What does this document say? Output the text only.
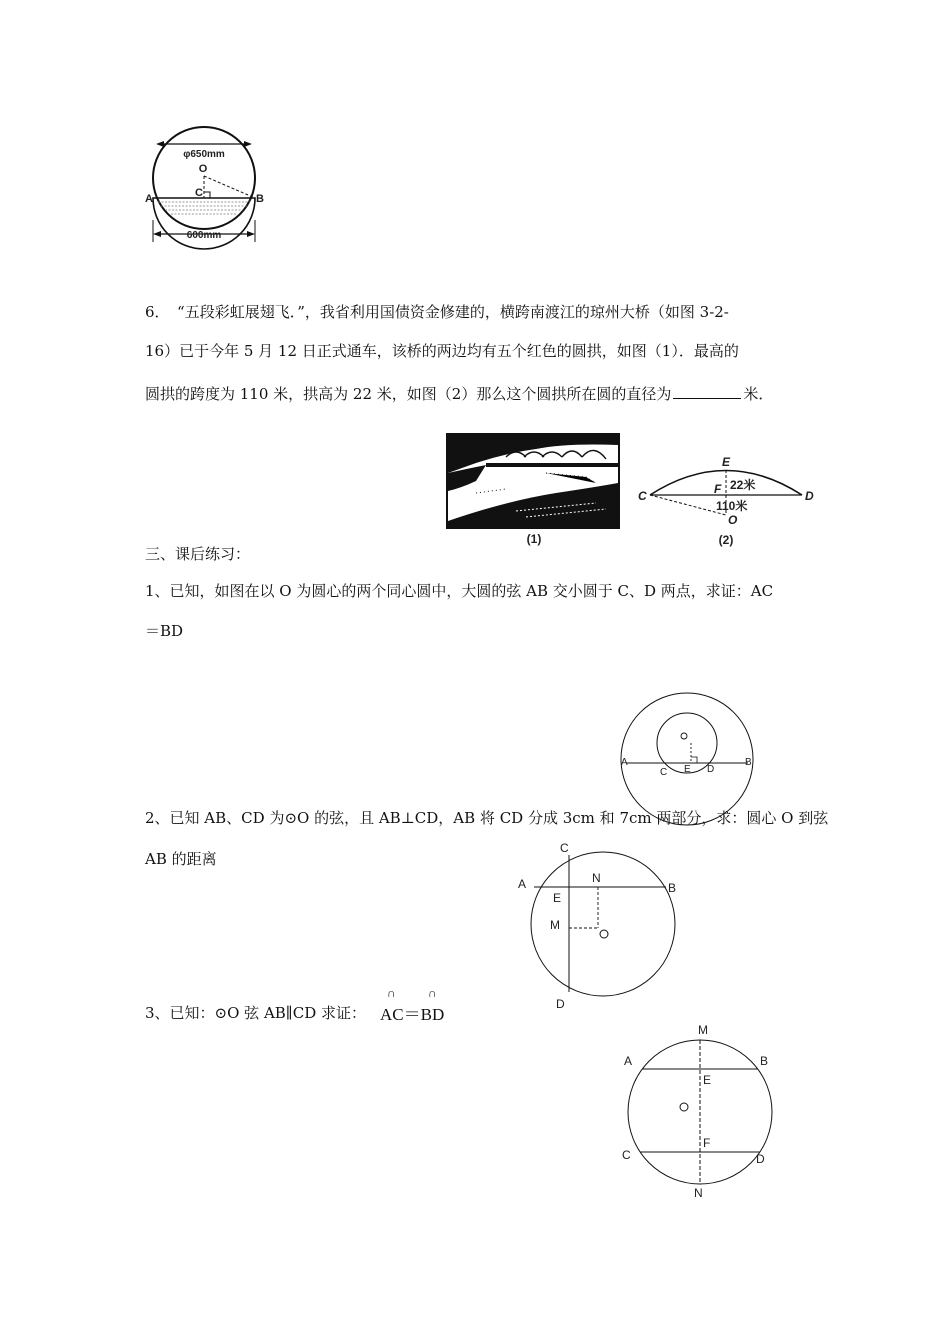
φ650mm
O
C
A	B
600mm
6．　“五段彩虹展翅飞．”，我省利用国债资金修建的，横跨南渡江的琼州大桥（如图 3-2-
16）已于今年 5 月 12 日正式通车，该桥的两边均有五个红色的圆拱，如图（1）．最高的
圆拱的跨度为 110 米，拱高为 22 米，如图（2）那么这个圆拱所在圆的直径为	米．
(1)
E
F
C	D
O
22米
110米
(2)
三、课后练习：
1、已知，如图在以 O 为圆心的两个同心圆中，大圆的弦 AB 交小圆于 C、D 两点，求证：AC
＝BD
A	B
C	D
E
2、已知 AB、CD 为⊙O 的弦，且 AB⊥CD，AB 将 CD 分成 3cm 和 7cm 两部分，求：圆心 O 到弦
AB 的距离
C
A	B
N
E
M
D
3、已知：⊙O 弦 AB∥CD 求证：
∩	∩
AC＝BD
M
A	B
E
F
C	D
N
